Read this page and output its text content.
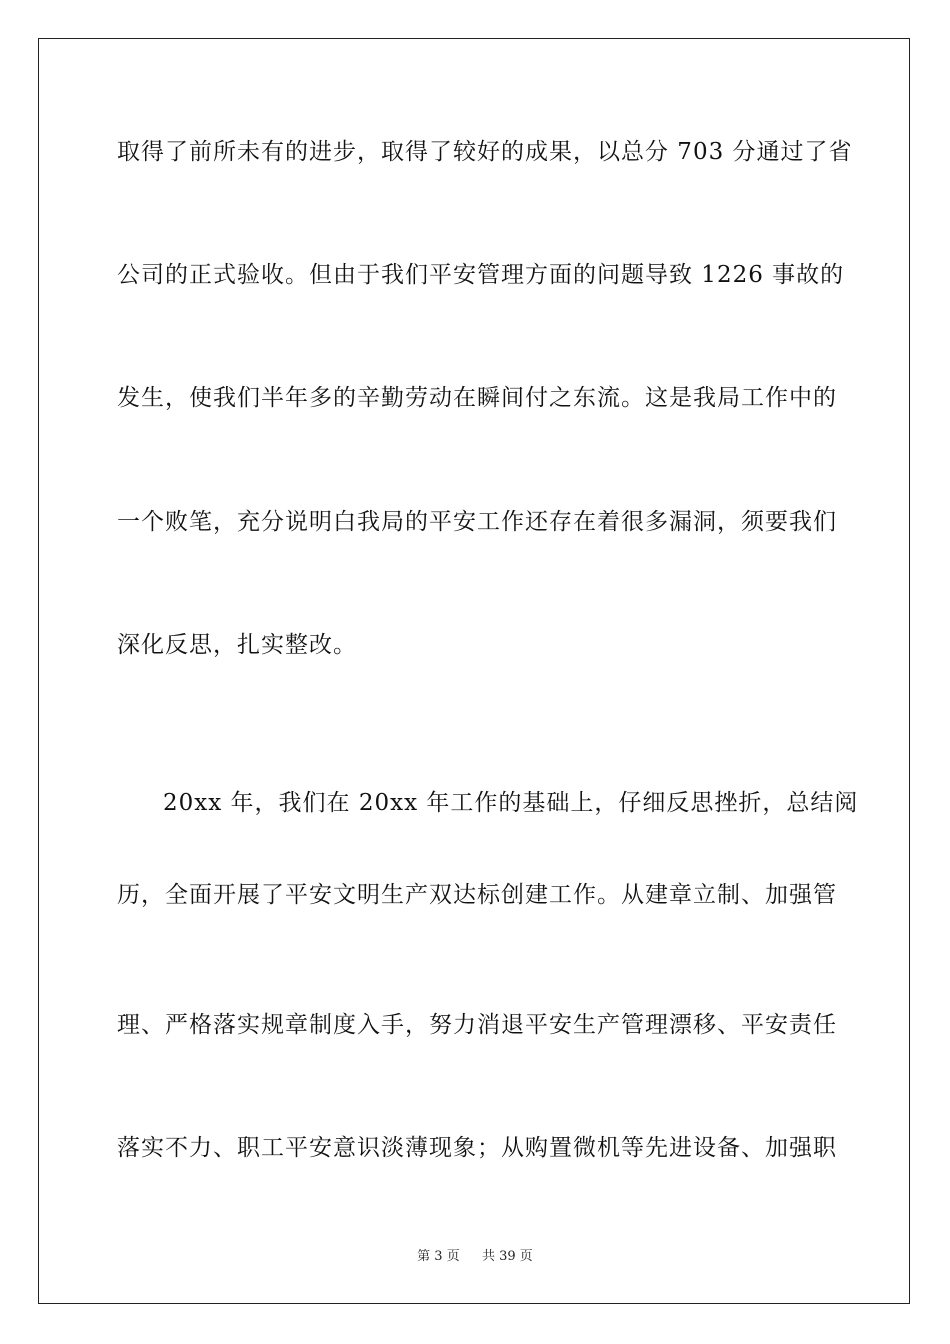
取得了前所未有的进步，取得了较好的成果，以总分 703 分通过了省
公司的正式验收。但由于我们平安管理方面的问题导致 1226 事故的
发生，使我们半年多的辛勤劳动在瞬间付之东流。这是我局工作中的
一个败笔，充分说明白我局的平安工作还存在着很多漏洞，须要我们
深化反思，扎实整改。
20xx 年，我们在 20xx 年工作的基础上，仔细反思挫折，总结阅
历，全面开展了平安文明生产双达标创建工作。从建章立制、加强管
理、严格落实规章制度入手，努力消退平安生产管理漂移、平安责任
落实不力、职工平安意识淡薄现象；从购置微机等先进设备、加强职
第 3 页 共 39 页
